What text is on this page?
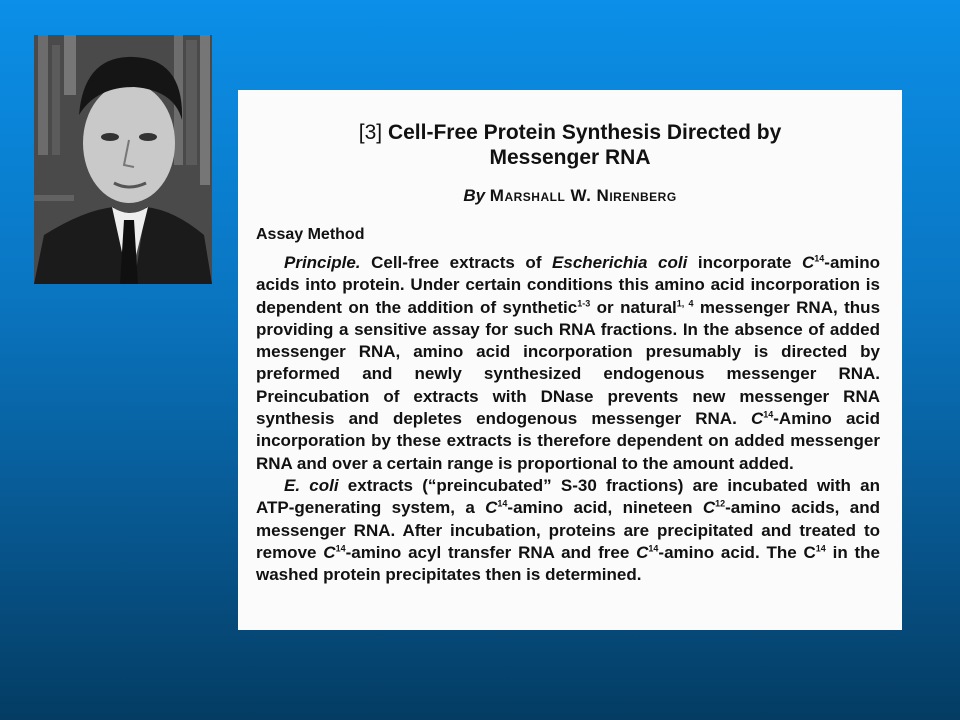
[3] Cell-Free Protein Synthesis Directed by
Messenger RNA
By Marshall W. Nirenberg
Assay Method

Principle. Cell-free extracts of Escherichia coli incorporate $C^{14}$-amino acids into protein. Under certain conditions this amino acid incorporation is dependent on the addition of synthetic$^{1-3}$ or natural$^{1, 4}$ messenger RNA, thus providing a sensitive assay for such RNA fractions. In the absence of added messenger RNA, amino acid incorporation presumably is directed by preformed and newly synthesized endogenous messenger RNA. Preincubation of extracts with DNase prevents new messenger RNA synthesis and depletes endogenous messenger RNA. $C^{14}$-Amino acid incorporation by these extracts is therefore dependent on added messenger RNA and over a certain range is proportional to the amount added.

E. coli extracts (“preincubated” S-30 fractions) are incubated with an ATP-generating system, a $C^{14}$-amino acid, nineteen $C^{12}$-amino acids, and messenger RNA. After incubation, proteins are precipitated and treated to remove $C^{14}$-amino acyl transfer RNA and free $C^{14}$-amino acid. The $C^{14}$ in the washed protein precipitates then is determined.
